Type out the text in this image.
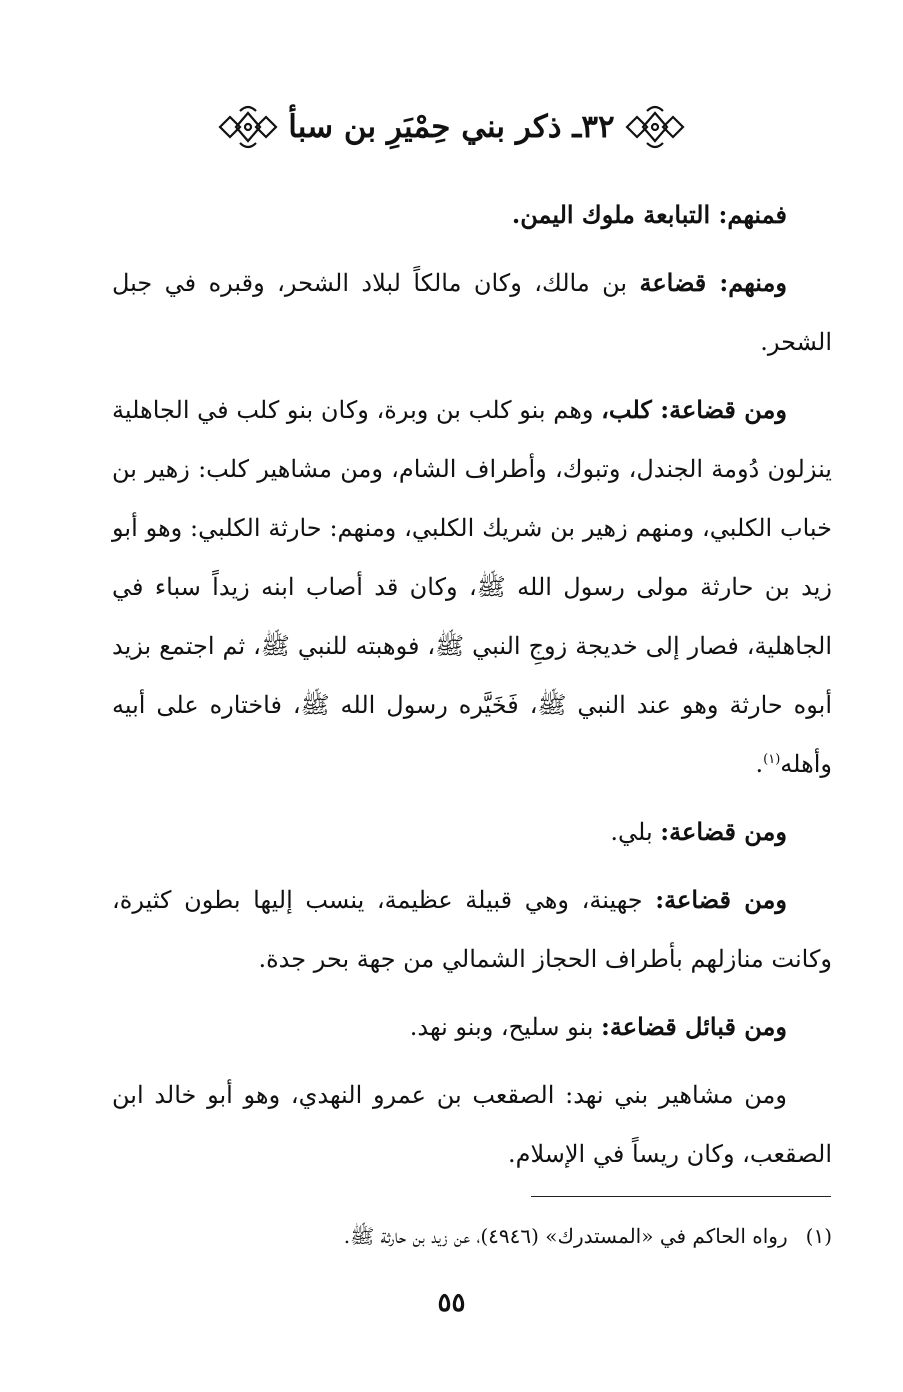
٣٢ـ ذكر بني حِمْيَرِ بن سبأ

فمنهم: التبابعة ملوك اليمن.

ومنهم: قضاعة بن مالك، وكان مالكاً لبلاد الشحر، وقبره في جبل الشحر.

ومن قضاعة: كلب، وهم بنو كلب بن وبرة، وكان بنو كلب في الجاهلية ينزلون دُومة الجندل، وتبوك، وأطراف الشام، ومن مشاهير كلب: زهير بن خباب الكلبي، ومنهم زهير بن شريك الكلبي، ومنهم: حارثة الكلبي: وهو أبو زيد بن حارثة مولى رسول الله ﷺ، وكان قد أصاب ابنه زيداً سباء في الجاهلية، فصار إلى خديجة زوجِ النبي ﷺ، فوهبته للنبي ﷺ، ثم اجتمع بزيد أبوه حارثة وهو عند النبي ﷺ، فَخَيَّره رسول الله ﷺ، فاختاره على أبيه وأهله$^{(١)}$.

ومن قضاعة: بلي.

ومن قضاعة: جهينة، وهي قبيلة عظيمة، ينسب إليها بطون كثيرة، وكانت منازلهم بأطراف الحجاز الشمالي من جهة بحر جدة.

ومن قبائل قضاعة: بنو سليح، وبنو نهد.

ومن مشاهير بني نهد: الصقعب بن عمرو النهدي، وهو أبو خالد ابن الصقعب، وكان ريساً في الإسلام.

(١)رواه الحاكم في «المستدرك» (٤٩٤٦)، عن زيد بن حارثة ﷺ.
٥٥
